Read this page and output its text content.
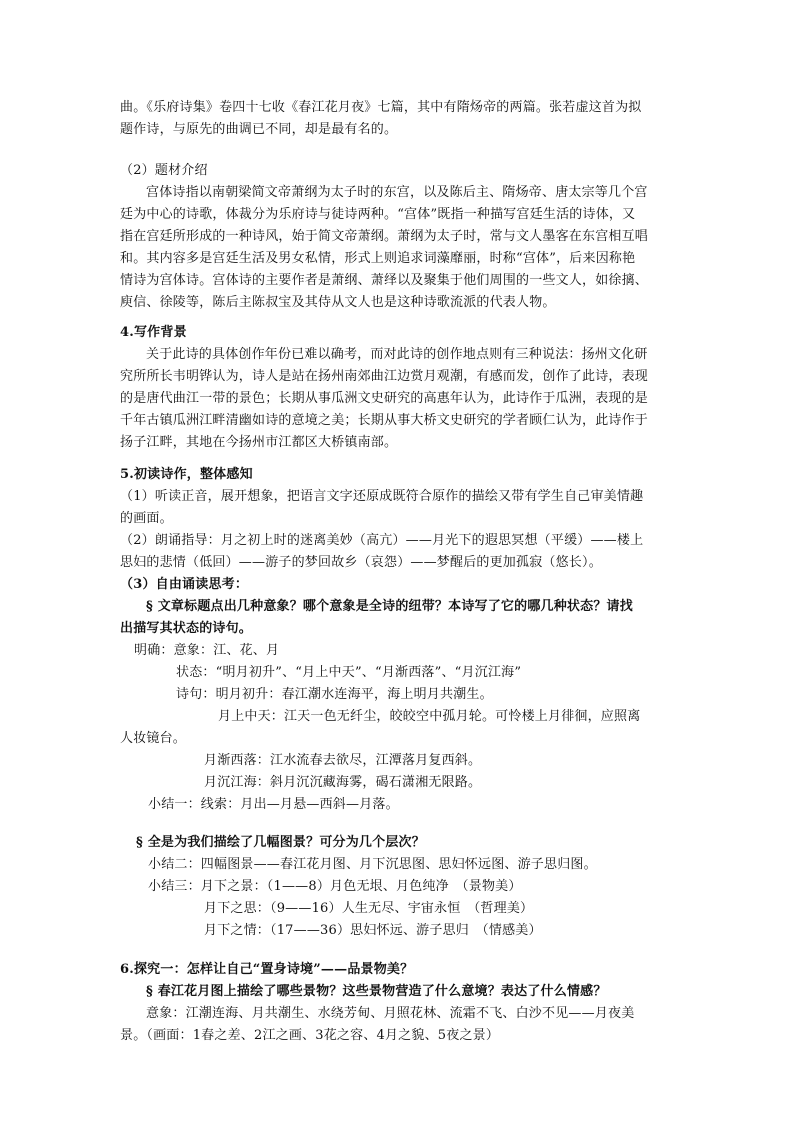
曲。《乐府诗集》卷四十七收《春江花月夜》七篇，其中有隋炀帝的两篇。张若虚这首为拟
题作诗，与原先的曲调已不同，却是最有名的。
（2）题材介绍
宫体诗指以南朝梁简文帝萧纲为太子时的东宫，以及陈后主、隋炀帝、唐太宗等几个宫
廷为中心的诗歌，体裁分为乐府诗与徒诗两种。“宫体”既指一种描写宫廷生活的诗体，又
指在宫廷所形成的一种诗风，始于简文帝萧纲。萧纲为太子时，常与文人墨客在东宫相互唱
和。其内容多是宫廷生活及男女私情，形式上则追求词藻靡丽，时称“宫体”，后来因称艳
情诗为宫体诗。宫体诗的主要作者是萧纲、萧绎以及聚集于他们周围的一些文人，如徐摛、
庾信、徐陵等，陈后主陈叔宝及其侍从文人也是这种诗歌流派的代表人物。
4.写作背景
关于此诗的具体创作年份已难以确考，而对此诗的创作地点则有三种说法：扬州文化研
究所所长韦明铧认为，诗人是站在扬州南郊曲江边赏月观潮，有感而发，创作了此诗，表现
的是唐代曲江一带的景色；长期从事瓜洲文史研究的高惠年认为，此诗作于瓜洲，表现的是
千年古镇瓜洲江畔清幽如诗的意境之美；长期从事大桥文史研究的学者顾仁认为，此诗作于
扬子江畔，其地在今扬州市江都区大桥镇南部。
5.初读诗作，整体感知
（1）听读正音，展开想象，把语言文字还原成既符合原作的描绘又带有学生自己审美情趣
的画面。
（2）朗诵指导：月之初上时的迷离美妙（高亢）——月光下的遐思冥想（平缓）——楼上
思妇的悲情（低回）——游子的梦回故乡（哀怨）——梦醒后的更加孤寂（悠长）。
（3）自由诵读思考：
§ 文章标题点出几种意象？哪个意象是全诗的纽带？本诗写了它的哪几种状态？请找
出描写其状态的诗句。
明确：意象：江、花、月
状态：“明月初升”、“月上中天”、“月渐西落”、“月沉江海”
诗句：明月初升：春江潮水连海平，海上明月共潮生。
月上中天：江天一色无纤尘，皎皎空中孤月轮。可怜楼上月徘徊，应照离
人妆镜台。
月渐西落：江水流春去欲尽，江潭落月复西斜。
月沉江海：斜月沉沉藏海雾，碣石潇湘无限路。
小结一：线索：月出—月悬—西斜—月落。
§ 全是为我们描绘了几幅图景？可分为几个层次？
小结二：四幅图景——春江花月图、月下沉思图、思妇怀远图、游子思归图。
小结三：月下之景：（1——8）月色无垠、月色纯净　（景物美）
月下之思：（9——16）人生无尽、宇宙永恒　（哲理美）
月下之情：（17——36）思妇怀远、游子思归　（情感美）
6.探究一：怎样让自己“置身诗境”——品景物美？
§ 春江花月图上描绘了哪些景物？这些景物营造了什么意境？表达了什么情感？
意象：江潮连海、月共潮生、水绕芳甸、月照花林、流霜不飞、白沙不见——月夜美
景。（画面：1春之差、2江之画、3花之容、4月之貌、5夜之景）
